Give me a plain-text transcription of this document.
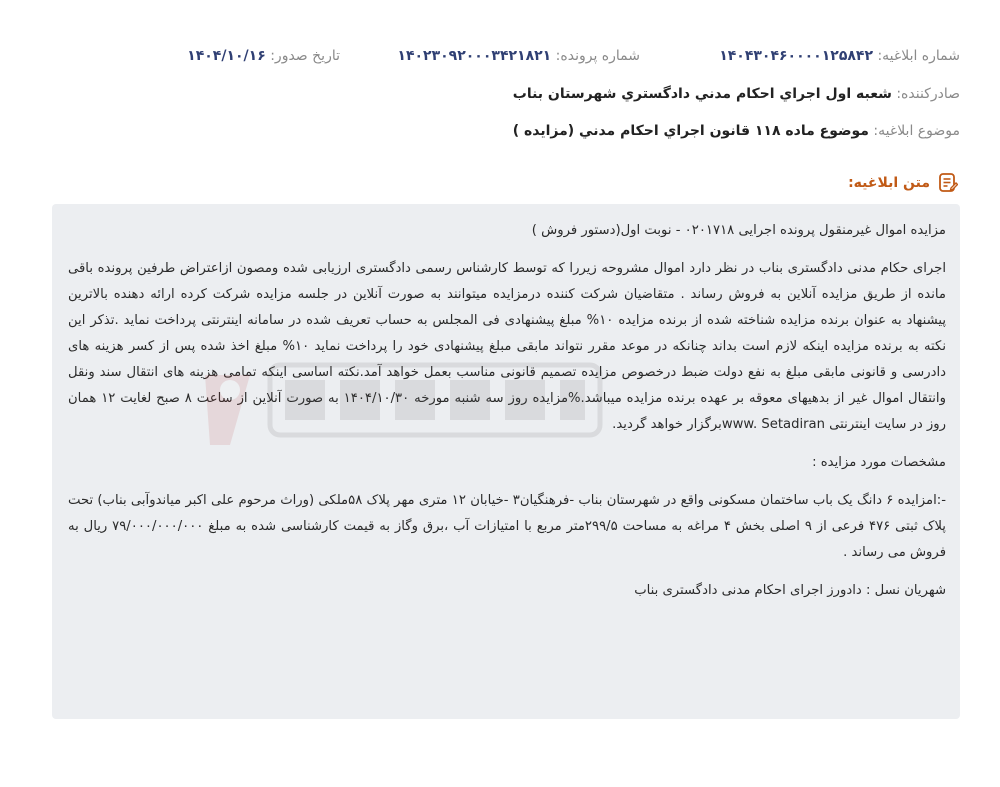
شماره ابلاغیه: ۱۴۰۴۳۰۴۶۰۰۰۰۱۲۵۸۴۲
شماره پرونده: ۱۴۰۲۳۰۹۲۰۰۰۳۴۲۱۸۲۱
تاریخ صدور: ۱۴۰۴/۱۰/۱۶
صادرکننده: شعبه اول اجراي احكام مدني دادگستري شهرستان بناب
موضوع ابلاغیه: موضوع ماده ۱۱۸ قانون اجراي احكام مدني (مزايده )
متن ابلاغیه:

مزایده اموال غیرمنقول پرونده اجرایی ۰۲۰۱۷۱۸ - نوبت اول(دستور فروش )

اجرای حکام مدنی دادگستری بناب در نظر دارد اموال مشروحه زیررا که توسط کارشناس رسمی دادگستری ارزیابی شده ومصون ازاعتراض طرفین پرونده باقی مانده از طریق مزایده آنلاین به فروش رساند . متقاضیان شرکت کننده درمزایده میتوانند به صورت آنلاین در جلسه مزایده شرکت کرده ارائه دهنده بالاترین پیشنهاد به عنوان برنده مزایده شناخته شده از برنده مزایده ۱۰% مبلغ پیشنهادی فی المجلس به حساب تعریف شده در سامانه اینترنتی پرداخت نماید .تذکر این نکته به برنده مزایده اینکه لازم است بداند چنانکه در موعد مقرر نتواند مابقی مبلغ پیشنهادی خود را پرداخت نماید ۱۰% مبلغ اخذ شده پس از کسر هزینه های دادرسی و قانونی مابقی مبلغ به نفع دولت ضبط درخصوص مزایده تصمیم قانونی مناسب بعمل خواهد آمد.نکته اساسی اینکه تمامی هزینه های انتقال سند ونقل وانتقال اموال غیر از بدهیهای معوقه بر عهده برنده مزایده میباشد.%مزایده روز سه شنبه مورخه ۱۴۰۴/۱۰/۳۰ به صورت آنلاین از ساعت ۸ صبح لغایت ۱۲ همان روز در سایت اینترنتی www. Setadiranبرگزار خواهد گردید.

مشخصات مورد مزایده :

-:امزایده ۶ دانگ یک باب ساختمان مسکونی واقع در شهرستان بناب -فرهنگیان۳ -خیابان ۱۲ متری مهر پلاک ۵۸ملکی (وراث مرحوم علی اکبر میاندوآبی بناب) تحت پلاک ثبتی ۴۷۶ فرعی از ۹ اصلی بخش ۴ مراغه به مساحت ۲۹۹/۵متر مربع با امتیازات آب ،برق وگاز به قیمت کارشناسی شده به مبلغ ۷۹/۰۰۰/۰۰۰/۰۰۰ ریال به فروش می رساند .

شهریان نسل : دادورز اجرای احکام مدنی دادگستری بناب
